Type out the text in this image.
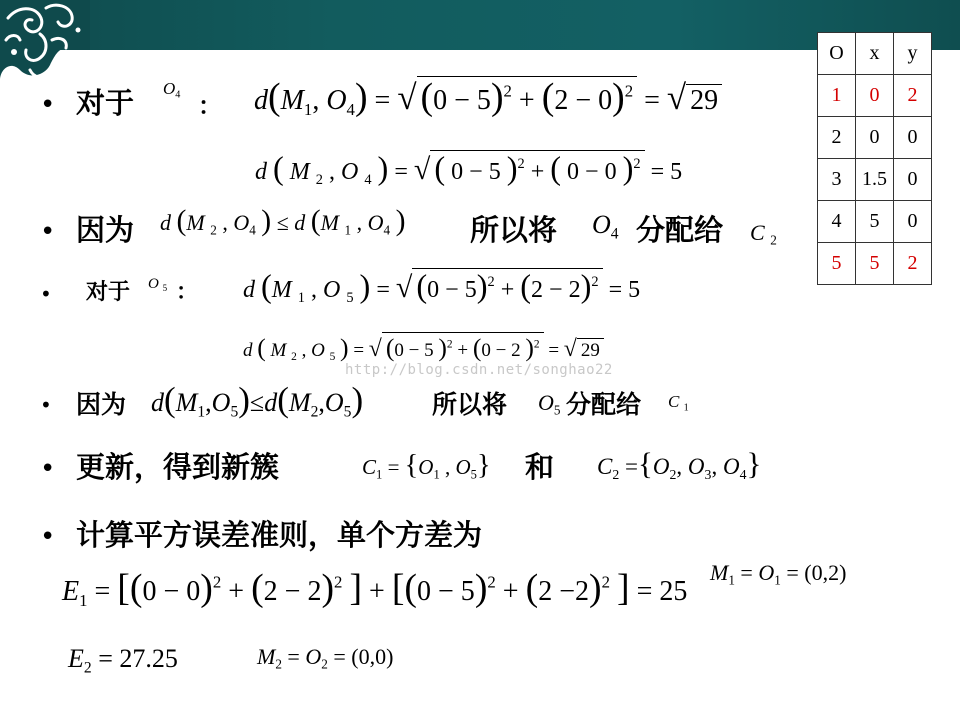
http://blog.csdn.net/songhao22
O	x	y
1	0	2
2	0	0
3	1.5	0
4	5	0
5	5	2
• 对于 $O_4$ ： $d(M_1$, $O_4$) = √ $(0 - 5)^2 + (2 - 0)^2$ = √ 29
d ( M $_2$ , O $_4$ ) = √ ( 0 − 5 )$^2$ + ( 0 − 0 )$^2$ = 5
• 因为 d (M $_2$ , $O_4$ ) ≤ d (M $_1$ , $O_4$ ) 所以将 $O_4$ 分配给 C $_2$
• 对于 O $_5$ ： d (M $_1$ , O $_5$ ) = √ $(0 - 5)^2 + (2 - 2)^2 = 5$
d ( M $_2$ , O $_5$ ) = √ (0 − 5 )$^2$ + (0 − 2 )$^2$ = √ 29
• 因为 $d(M_1,O_5)\le d(M_2,O_5)$	所以将 $O_5$ 分配给 C $_1$
• 更新，得到新簇	$C_1 = \{O_1$ , $O_5$} 和 $C_2 =\{O_2$, $O_3$, $O_4$}
• 计算平方误差准则，单个方差为
$M_1 = O_1 = (0,2)$
$E_1 = [(0 - 0)^2 + (2 - 2)^2$ ] + [$(0 - 5)^2 + (2 -2)^2$ ] = 25
$E_2 = 27.25$	$M_2 = O_2 = (0,0)$
